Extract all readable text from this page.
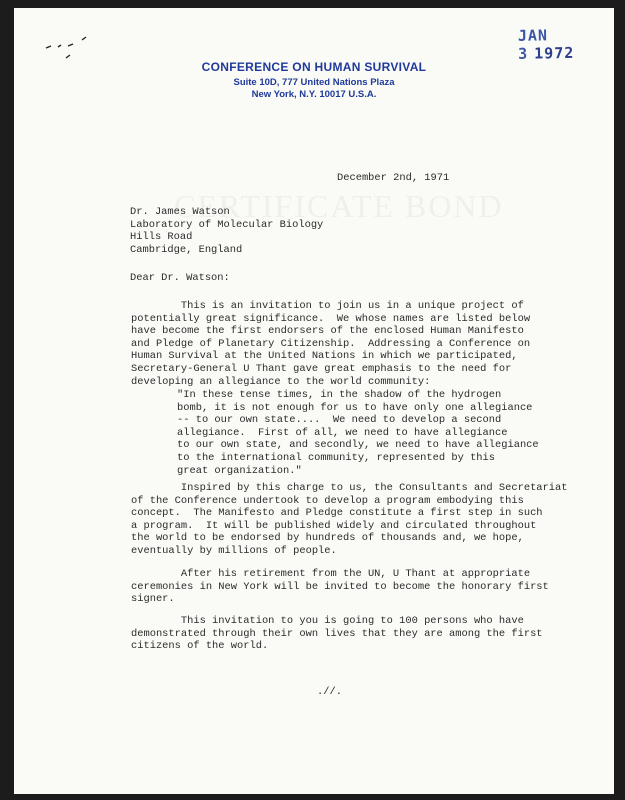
JAN 3 1972
CONFERENCE ON HUMAN SURVIVAL
Suite 10D, 777 United Nations Plaza
New York, N.Y. 10017 U.S.A.

December 2nd, 1971

Dr. James Watson
Laboratory of Molecular Biology
Hills Road
Cambridge, England

Dear Dr. Watson:

This is an invitation to join us in a unique project of
potentially great significance.  We whose names are listed below
have become the first endorsers of the enclosed Human Manifesto
and Pledge of Planetary Citizenship.  Addressing a Conference on
Human Survival at the United Nations in which we participated,
Secretary-General U Thant gave great emphasis to the need for
developing an allegiance to the world community:

"In these tense times, in the shadow of the hydrogen
bomb, it is not enough for us to have only one allegiance
-- to our own state....  We need to develop a second
allegiance.  First of all, we need to have allegiance
to our own state, and secondly, we need to have allegiance
to the international community, represented by this
great organization."

Inspired by this charge to us, the Consultants and Secretariat
of the Conference undertook to develop a program embodying this
concept.  The Manifesto and Pledge constitute a first step in such
a program.  It will be published widely and circulated throughout
the world to be endorsed by hundreds of thousands and, we hope,
eventually by millions of people.

After his retirement from the UN, U Thant at appropriate
ceremonies in New York will be invited to become the honorary first
signer.

This invitation to you is going to 100 persons who have
demonstrated through their own lives that they are among the first
citizens of the world.

.//.
